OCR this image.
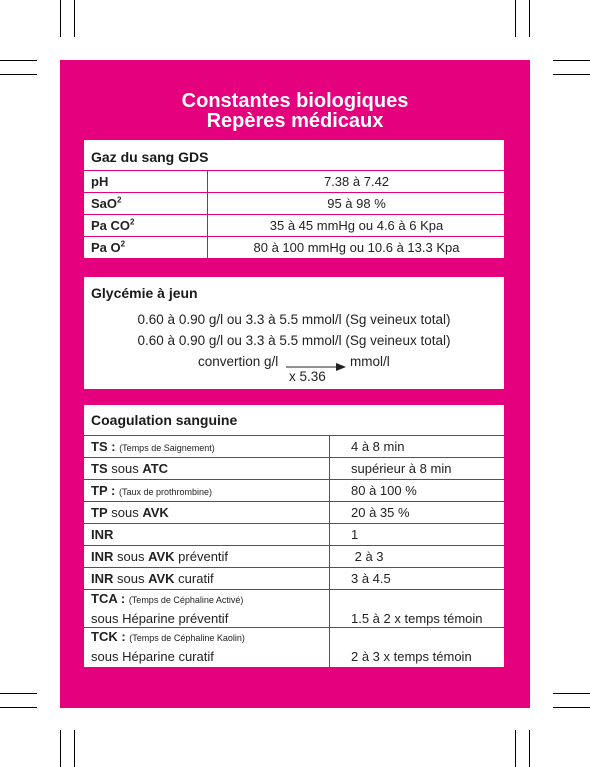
Constantes biologiques
Repères médicaux
Gaz du sang GDS
pH	7.38 à 7.42
SaO$^2$	95 à 98 %
Pa $CO^2$	35 à 45 mmHg ou 4.6 à 6 Kpa
Pa $O^2$	80 à 100 mmHg ou 10.6 à 13.3 Kpa
Glycémie à jeun
0.60 à 0.90 g/l ou 3.3 à 5.5 mmol/l (Sg veineux total)
0.60 à 0.90 g/l ou 3.3 à 5.5 mmol/l (Sg veineux total)
convertion g/l	mmol/l
x 5.36
Coagulation sanguine
TS : (Temps de Saignement)	4 à 8 min
TS sous ATC	supérieur à 8 min
TP : (Taux de prothrombine)	80 à 100 %
TP sous AVK	20 à 35 %
INR	1
INR sous AVK préventif	2 à 3
INR sous AVK curatif	3 à 4.5
TCA : (Temps de Céphaline Activé)
sous Héparine préventif	1.5 à 2 x temps témoin
TCK : (Temps de Céphaline Kaolin)
sous Héparine curatif	2 à 3 x temps témoin
